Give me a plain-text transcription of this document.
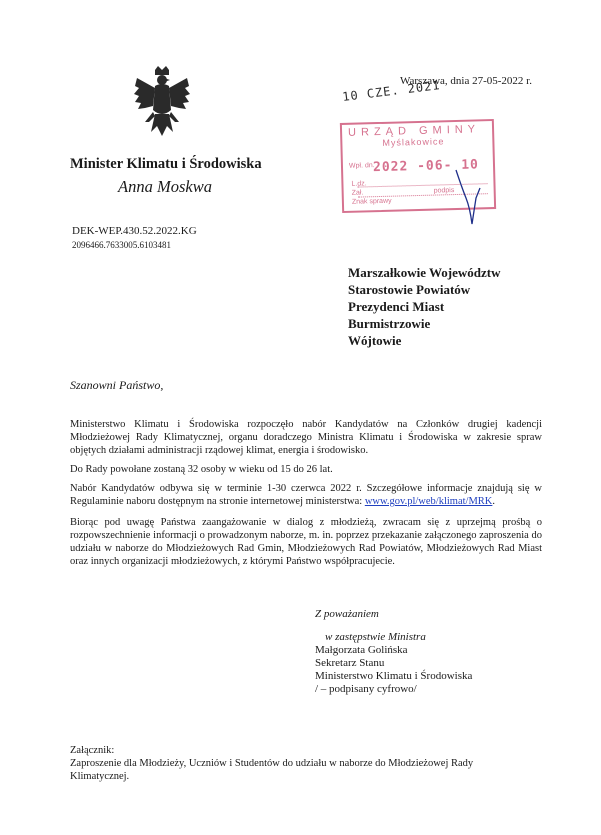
Minister Klimatu i Środowiska
Anna Moskwa
DEK-WEP.430.52.2022.KG
2096466.7633005.6103481
10 CZE. 2021
Warszawa, dnia 27-05-2022 r.
URZĄD GMINY
Myślakowice
Wpł. dn.
2022 -06- 10
L.dz.
Zał.	podpis
Znak sprawy
Marszałkowie Województw
Starostowie Powiatów
Prezydenci Miast
Burmistrzowie
Wójtowie
Szanowni Państwo,
Ministerstwo Klimatu i Środowiska rozpoczęło nabór Kandydatów na Członków drugiej kadencji Młodzieżowej Rady Klimatycznej, organu doradczego Ministra Klimatu i Środowiska w zakresie spraw objętych działami administracji rządowej klimat, energia i środowisko.
Do Rady powołane zostaną 32 osoby w wieku od 15 do 26 lat.
Nabór Kandydatów odbywa się w terminie 1-30 czerwca 2022 r. Szczegółowe informacje znajdują się w Regulaminie naboru dostępnym na stronie internetowej ministerstwa: www.gov.pl/web/klimat/MRK.
Biorąc pod uwagę Państwa zaangażowanie w dialog z młodzieżą, zwracam się z uprzejmą prośbą o rozpowszechnienie informacji o prowadzonym naborze, m. in. poprzez przekazanie załączonego zaproszenia do udziału w naborze do Młodzieżowych Rad Gmin, Młodzieżowych Rad Powiatów, Młodzieżowych Rad Miast oraz innych organizacji młodzieżowych, z którymi Państwo współpracujecie.
Z poważaniem
w zastępstwie Ministra
Małgorzata Golińska
Sekretarz Stanu
Ministerstwo Klimatu i Środowiska
/ – podpisany cyfrowo/
Załącznik:
Zaproszenie dla Młodzieży, Uczniów i Studentów do udziału w naborze do Młodzieżowej Rady Klimatycznej.
